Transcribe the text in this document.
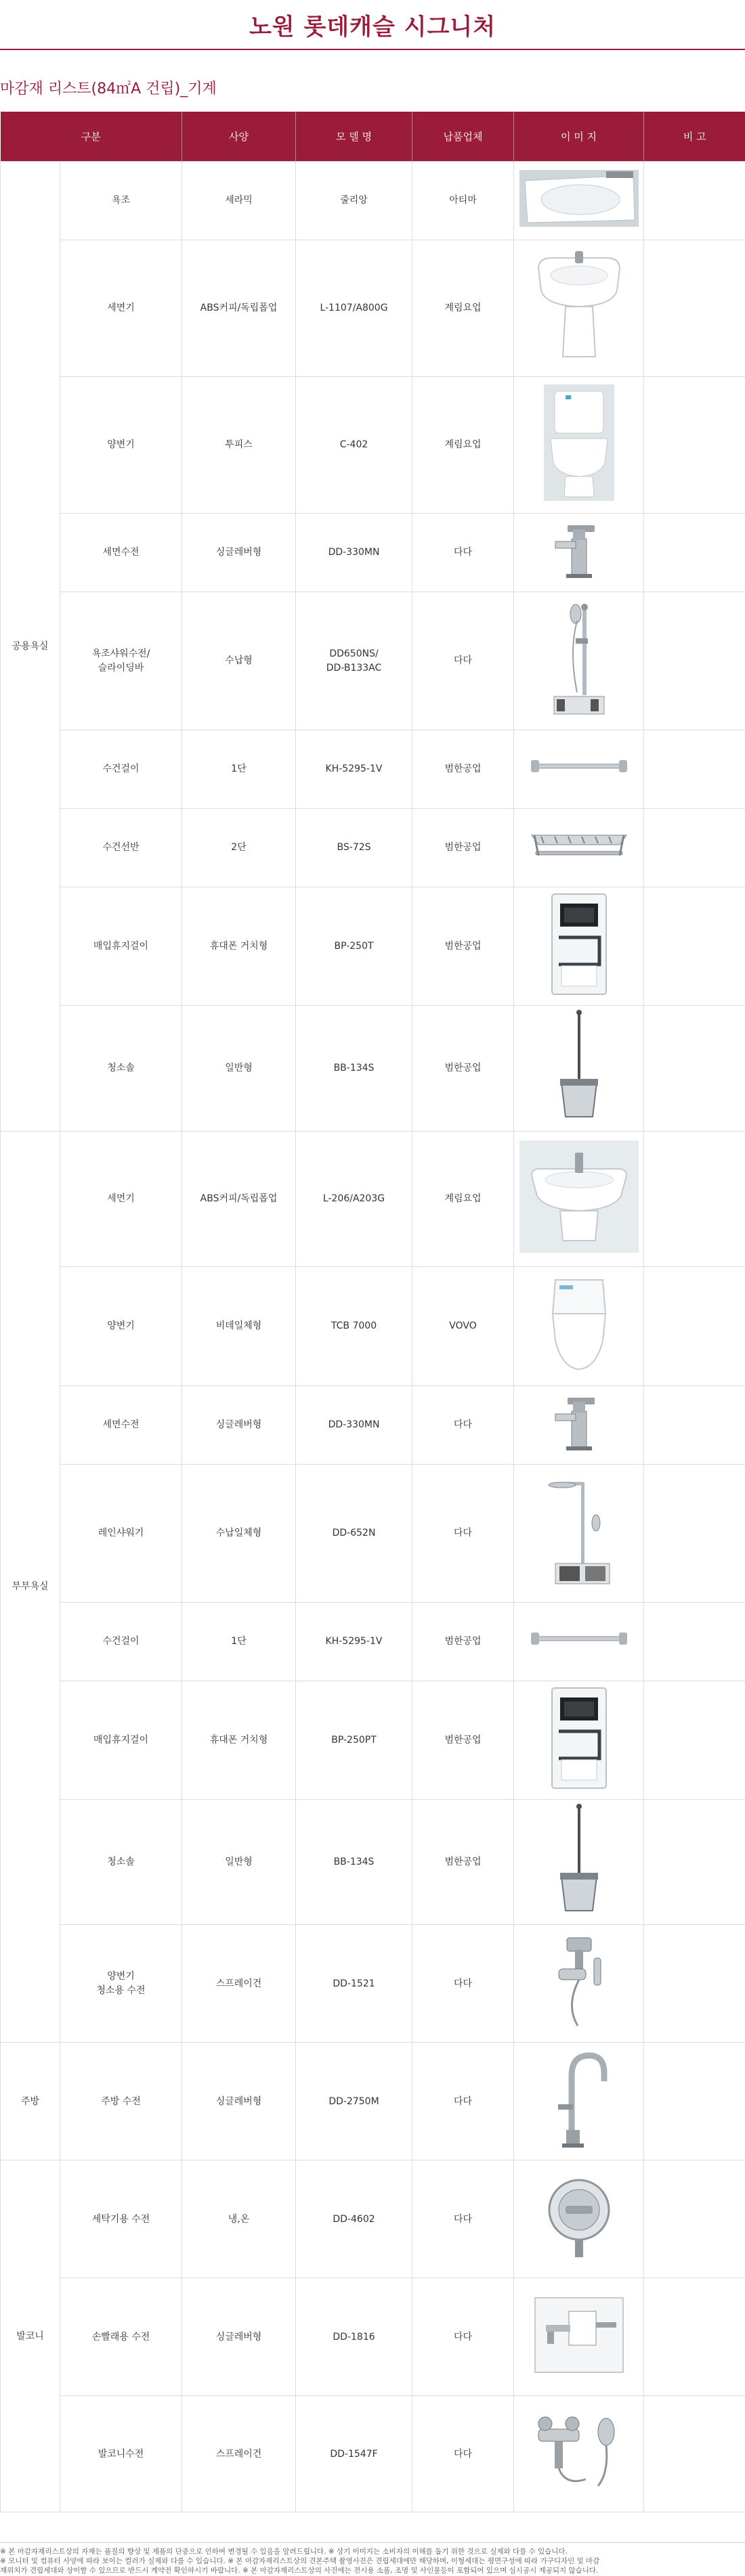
노원 롯데캐슬 시그니처
마감재 리스트(84㎡A 건립)_기계
구분		사양	모 델 명	납품업체	이 미 지	비 고
공용욕실	욕조	세라믹	줄리앙	아티마	

	세면기	ABS커피/독립폽업	L-1107/A800G	계림요업	

	양변기	투피스	C-402	계림요업	

	세면수전	싱글레버형	DD-330MN	다다	

	욕조샤워수전/
슬라이딩바	수납형	DD650NS/
DD-B133AC	다다	

	수건걸이	1단	KH-5295-1V	범한공업	

	수건선반	2단	BS-72S	범한공업	

	매입휴지걸이	휴대폰 거치형	BP-250T	범한공업	

	청소솔	일반형	BB-134S	범한공업	

부부욕실	세면기	ABS커피/독립폽업	L-206/A203G	계림요업	

	양변기	비데일체형	TCB 7000	VOVO	

	세면수전	싱글레버형	DD-330MN	다다	

	레인샤워기	수납일체형	DD-652N	다다	

	수건걸이	1단	KH-5295-1V	범한공업	

	매입휴지걸이	휴대폰 거치형	BP-250PT	범한공업	

	청소솔	일반형	BB-134S	범한공업	

	양변기
청소용 수전	스프레이건	DD-1521	다다	

주방	주방 수전	싱글레버형	DD-2750M	다다	

발코니	세탁기용 수전	냉,온	DD-4602	다다	

	손빨래용 수전	싱글레버형	DD-1816	다다	

	발코니수전	스프레이건	DD-1547F	다다	

※ 본 마감자재리스트상의 자재는 품질의 향상 및 제품의 단종으로 인하여 변경될 수 있음을 알려드립니다. ※ 상기 이미지는 소비자의 이해를 돕기 위한 것으로 실제와 다를 수 있습니다.

※ 모니터 및 컴퓨터 사양에 따라 보이는 컬러가 실제와 다를 수 있습니다. ※ 본 마감자재리스트상의 견본주택 촬영사진은 견립세대에만 해당하며, 이형세대는 평면구성에 따라 가구디자인 및 마감

재위치가 견립세대와 상이할 수 있으므로 반드시 계약전 확인하시기 바랍니다. ※ 본 마감자재리스트상의 사진에는 전시용 소품, 조명 및 사인물등이 포함되어 있으며 실시공시 제공되지 않습니다.
